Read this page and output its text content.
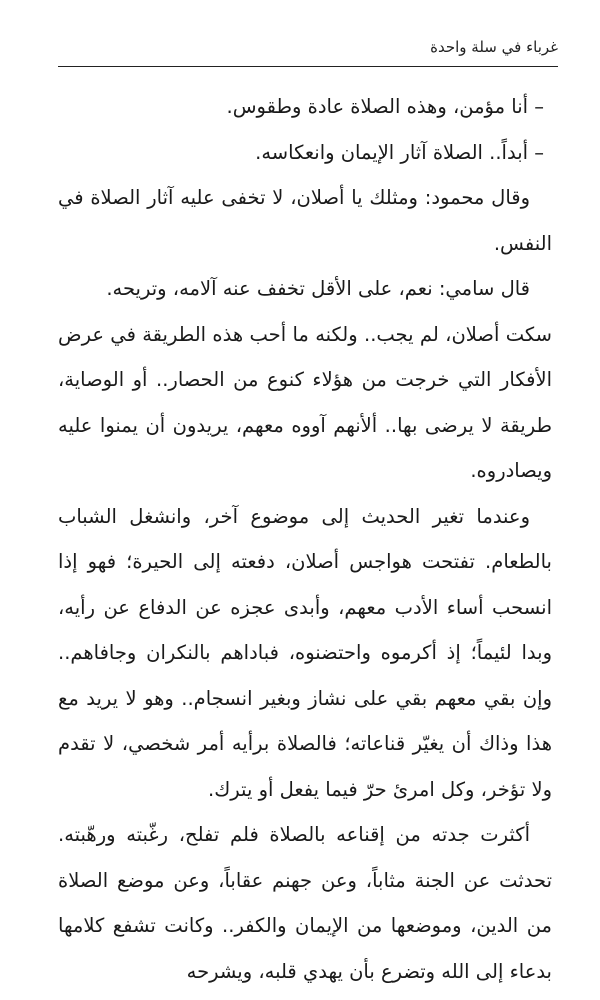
غرباء في سلة واحدة

– أنا مؤمن، وهذه الصلاة عادة وطقوس.

– أبداً.. الصلاة آثار الإيمان وانعكاسه.

وقال محمود: ومثلك يا أصلان، لا تخفى عليه آثار الصلاة في النفس.

قال سامي: نعم، على الأقل تخفف عنه آلامه، وتريحه.

سكت أصلان، لم يجب.. ولكنه ما أحب هذه الطريقة في عرض الأفكار التي خرجت من هؤلاء كنوع من الحصار.. أو الوصاية، طريقة لا يرضى بها.. ألأنهم آووه معهم، يريدون أن يمنوا عليه ويصادروه.

وعندما تغير الحديث إلى موضوع آخر، وانشغل الشباب بالطعام. تفتحت هواجس أصلان، دفعته إلى الحيرة؛ فهو إذا انسحب أساء الأدب معهم، وأبدى عجزه عن الدفاع عن رأيه، وبدا لئيماً؛ إذ أكرموه واحتضنوه، فباداهم بالنكران وجافاهم.. وإن بقي معهم بقي على نشاز وبغير انسجام.. وهو لا يريد مع هذا وذاك أن يغيّر قناعاته؛ فالصلاة برأيه أمر شخصي، لا تقدم ولا تؤخر، وكل امرئ حرّ فيما يفعل أو يترك.

أكثرت جدته من إقناعه بالصلاة فلم تفلح، رغّبته ورهّبته. تحدثت عن الجنة مثاباً، وعن جهنم عقاباً، وعن موضع الصلاة من الدين، وموضعها من الإيمان والكفر.. وكانت تشفع كلامها بدعاء إلى الله وتضرع بأن يهدي قلبه، ويشرحه
